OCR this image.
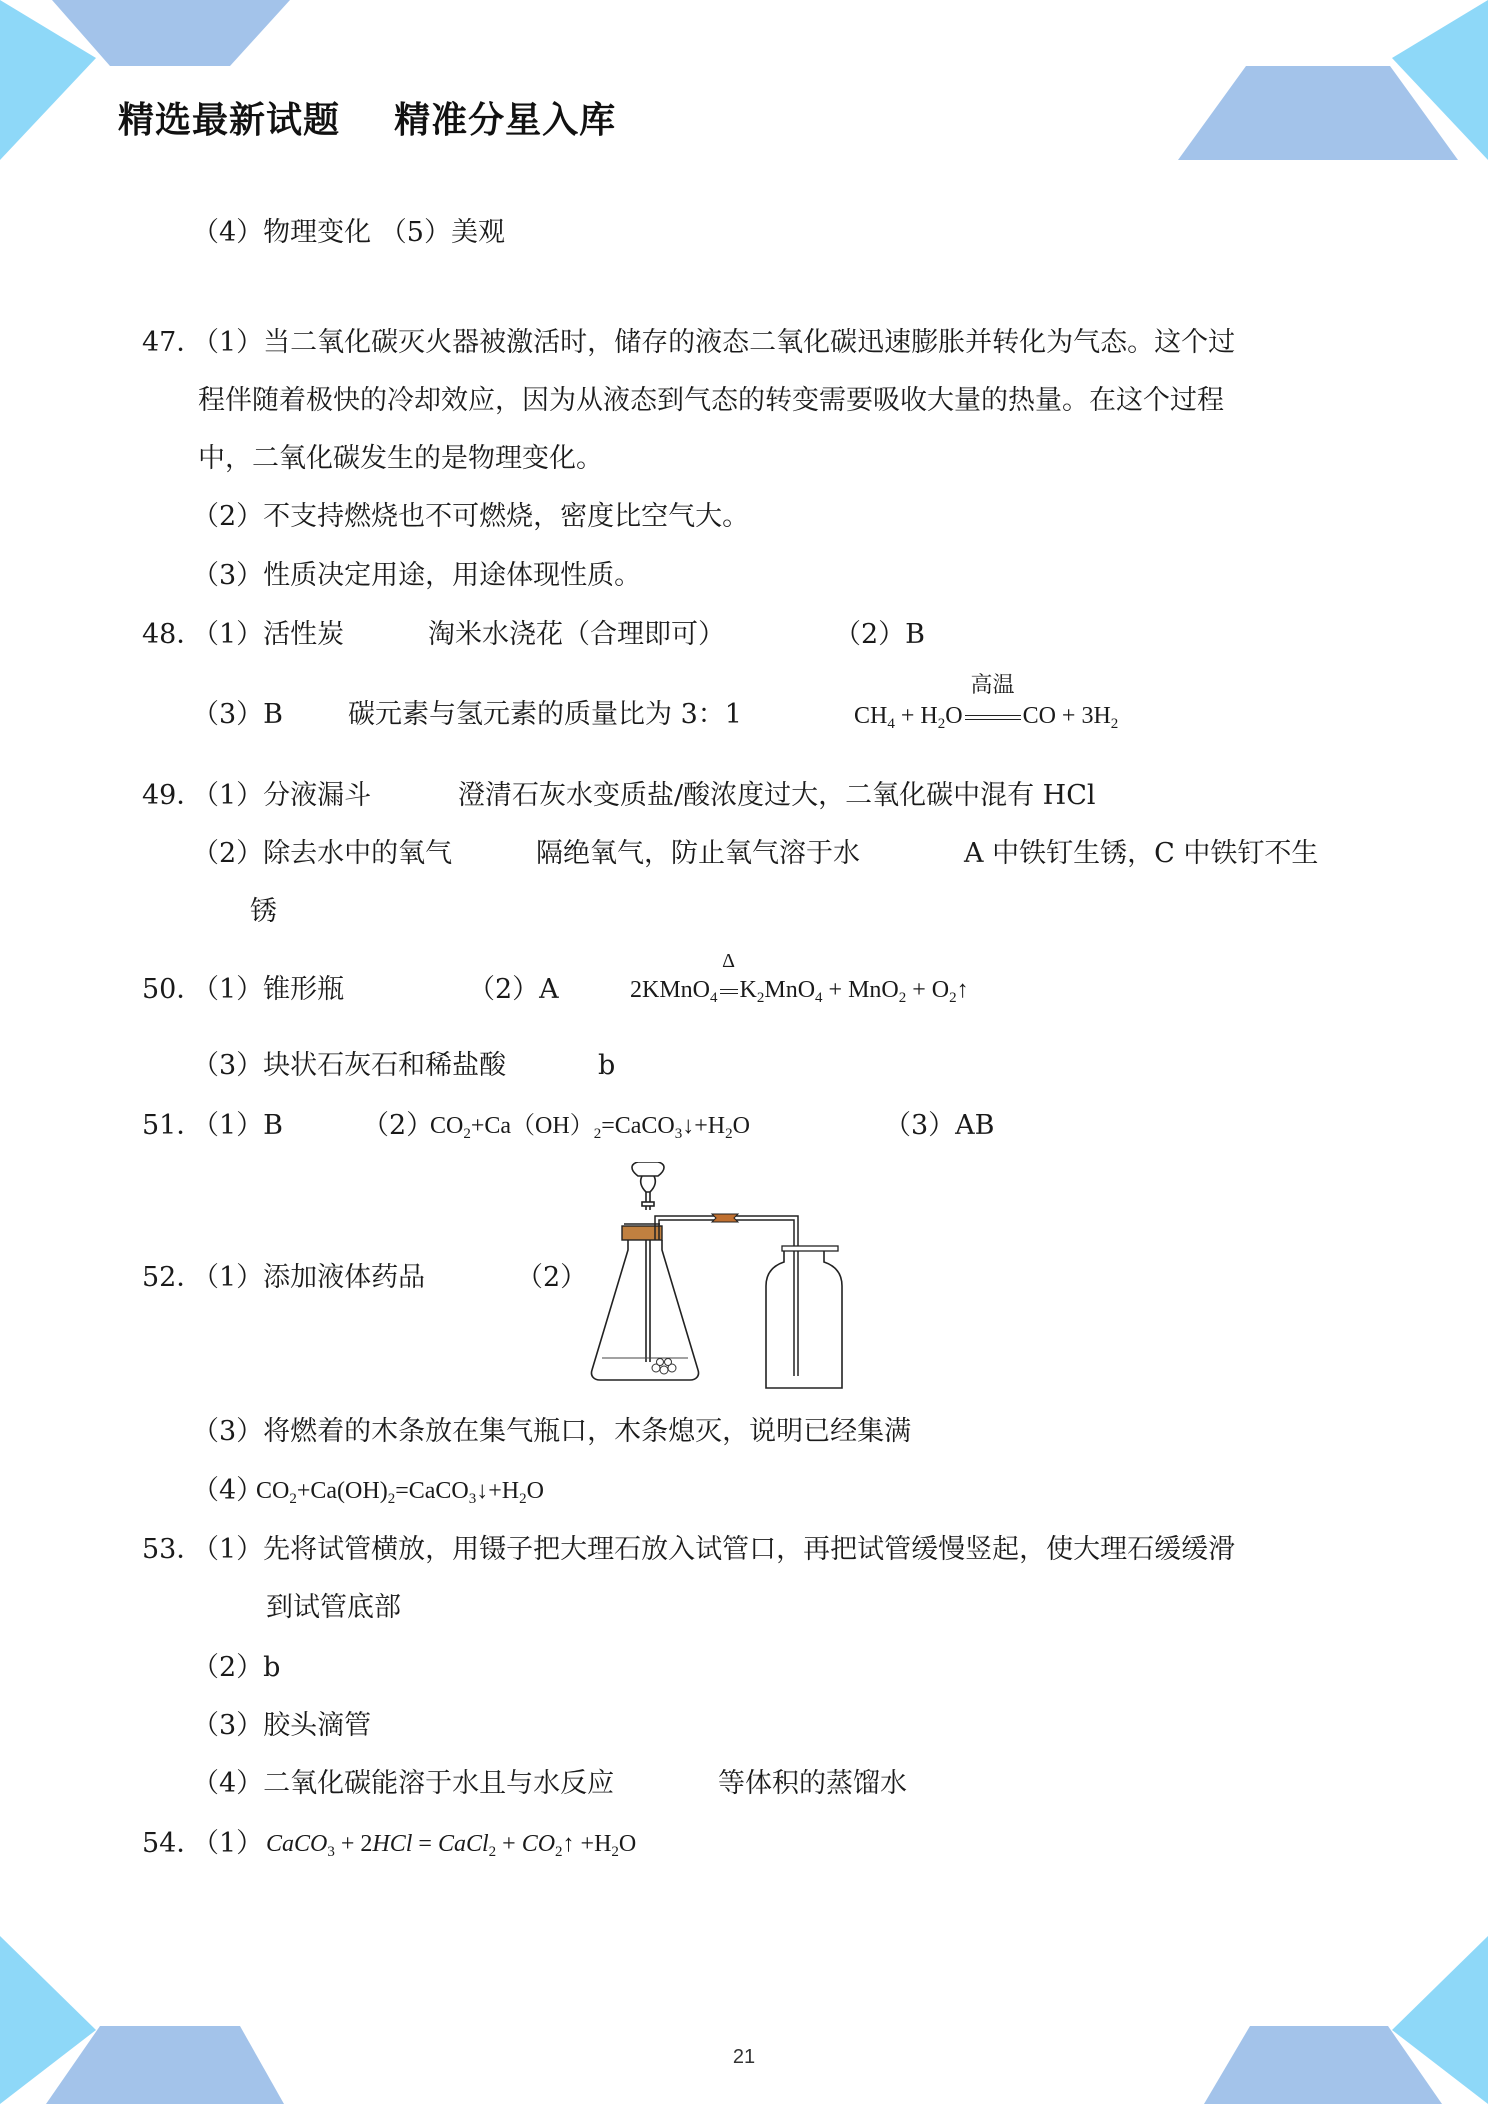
精选最新试题    精准分星入库
（4）物理变化 （5）美观
47．
（1）当二氧化碳灭火器被激活时，储存的液态二氧化碳迅速膨胀并转化为气态。这个过
程伴随着极快的冷却效应，因为从液态到气态的转变需要吸收大量的热量。在这个过程
中，二氧化碳发生的是物理变化。
（2）不支持燃烧也不可燃烧，密度比空气大。
（3）性质决定用途，用途体现性质。
48．
（1）活性炭	淘米水浇花（合理即可）	（2）B
（3）B 碳元素与氢元素的质量比为 3：1	$CH_4 + H_2O$
高温
CO + $3H_2$
49．
（1）分液漏斗	澄清石灰水变质盐/酸浓度过大，二氧化碳中混有 HCl
（2）除去水中的氧气	隔绝氧气，防止氧气溶于水	A 中铁钉生锈，C 中铁钉不生
锈
50．
（1）锥形瓶	（2）A	2KMnO$_4$
Δ
$K_2MnO_4 + MnO_2$ + $O_2↑$
（3）块状石灰石和稀盐酸	b
51．
（1）B	（2）
$CO_2+Ca(OH)_2=CaCO_3↓+H_2O$	（3）AB
52．
（1）添加液体药品	（2）
（3）将燃着的木条放在集气瓶口，木条熄灭，说明已经集满
（4）
$CO_2+Ca(OH)_2=CaCO_3↓+H_2O$
53．
（1）先将试管横放，用镊子把大理石放入试管口，再把试管缓慢竖起，使大理石缓缓滑
到试管底部
（2）b
（3）胶头滴管
（4）二氧化碳能溶于水且与水反应	等体积的蒸馏水
54．
（1） CaCO$_3$ + 2HCl = CaCl$_2$ + $CO_2↑ +H_2O$
21
